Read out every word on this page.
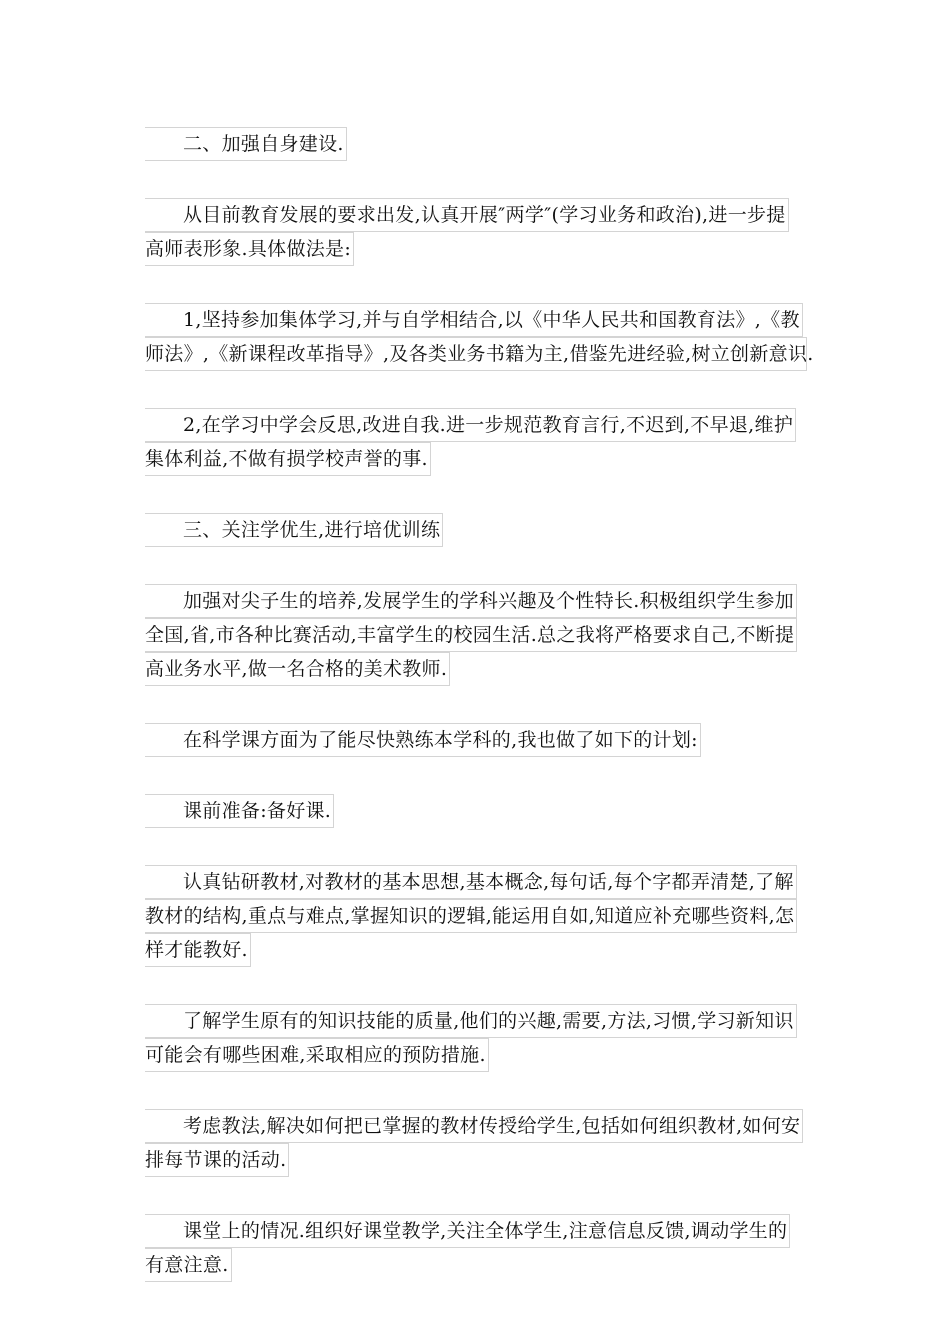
二、加强自身建设.
从目前教育发展的要求出发,认真开展″两学″(学习业务和政治),进一步提
高师表形象.具体做法是:
1,坚持参加集体学习,并与自学相结合,以《中华人民共和国教育法》,《教
师法》,《新课程改革指导》,及各类业务书籍为主,借鉴先进经验,树立创新意识.
2,在学习中学会反思,改进自我.进一步规范教育言行,不迟到,不早退,维护
集体利益,不做有损学校声誉的事.
三、关注学优生,进行培优训练
加强对尖子生的培养,发展学生的学科兴趣及个性特长.积极组织学生参加
全国,省,市各种比赛活动,丰富学生的校园生活.总之我将严格要求自己,不断提
高业务水平,做一名合格的美术教师.
在科学课方面为了能尽快熟练本学科的,我也做了如下的计划:
课前准备:备好课.
认真钻研教材,对教材的基本思想,基本概念,每句话,每个字都弄清楚,了解
教材的结构,重点与难点,掌握知识的逻辑,能运用自如,知道应补充哪些资料,怎
样才能教好.
了解学生原有的知识技能的质量,他们的兴趣,需要,方法,习惯,学习新知识
可能会有哪些困难,采取相应的预防措施.
考虑教法,解决如何把已掌握的教材传授给学生,包括如何组织教材,如何安
排每节课的活动.
课堂上的情况.组织好课堂教学,关注全体学生,注意信息反馈,调动学生的
有意注意.
